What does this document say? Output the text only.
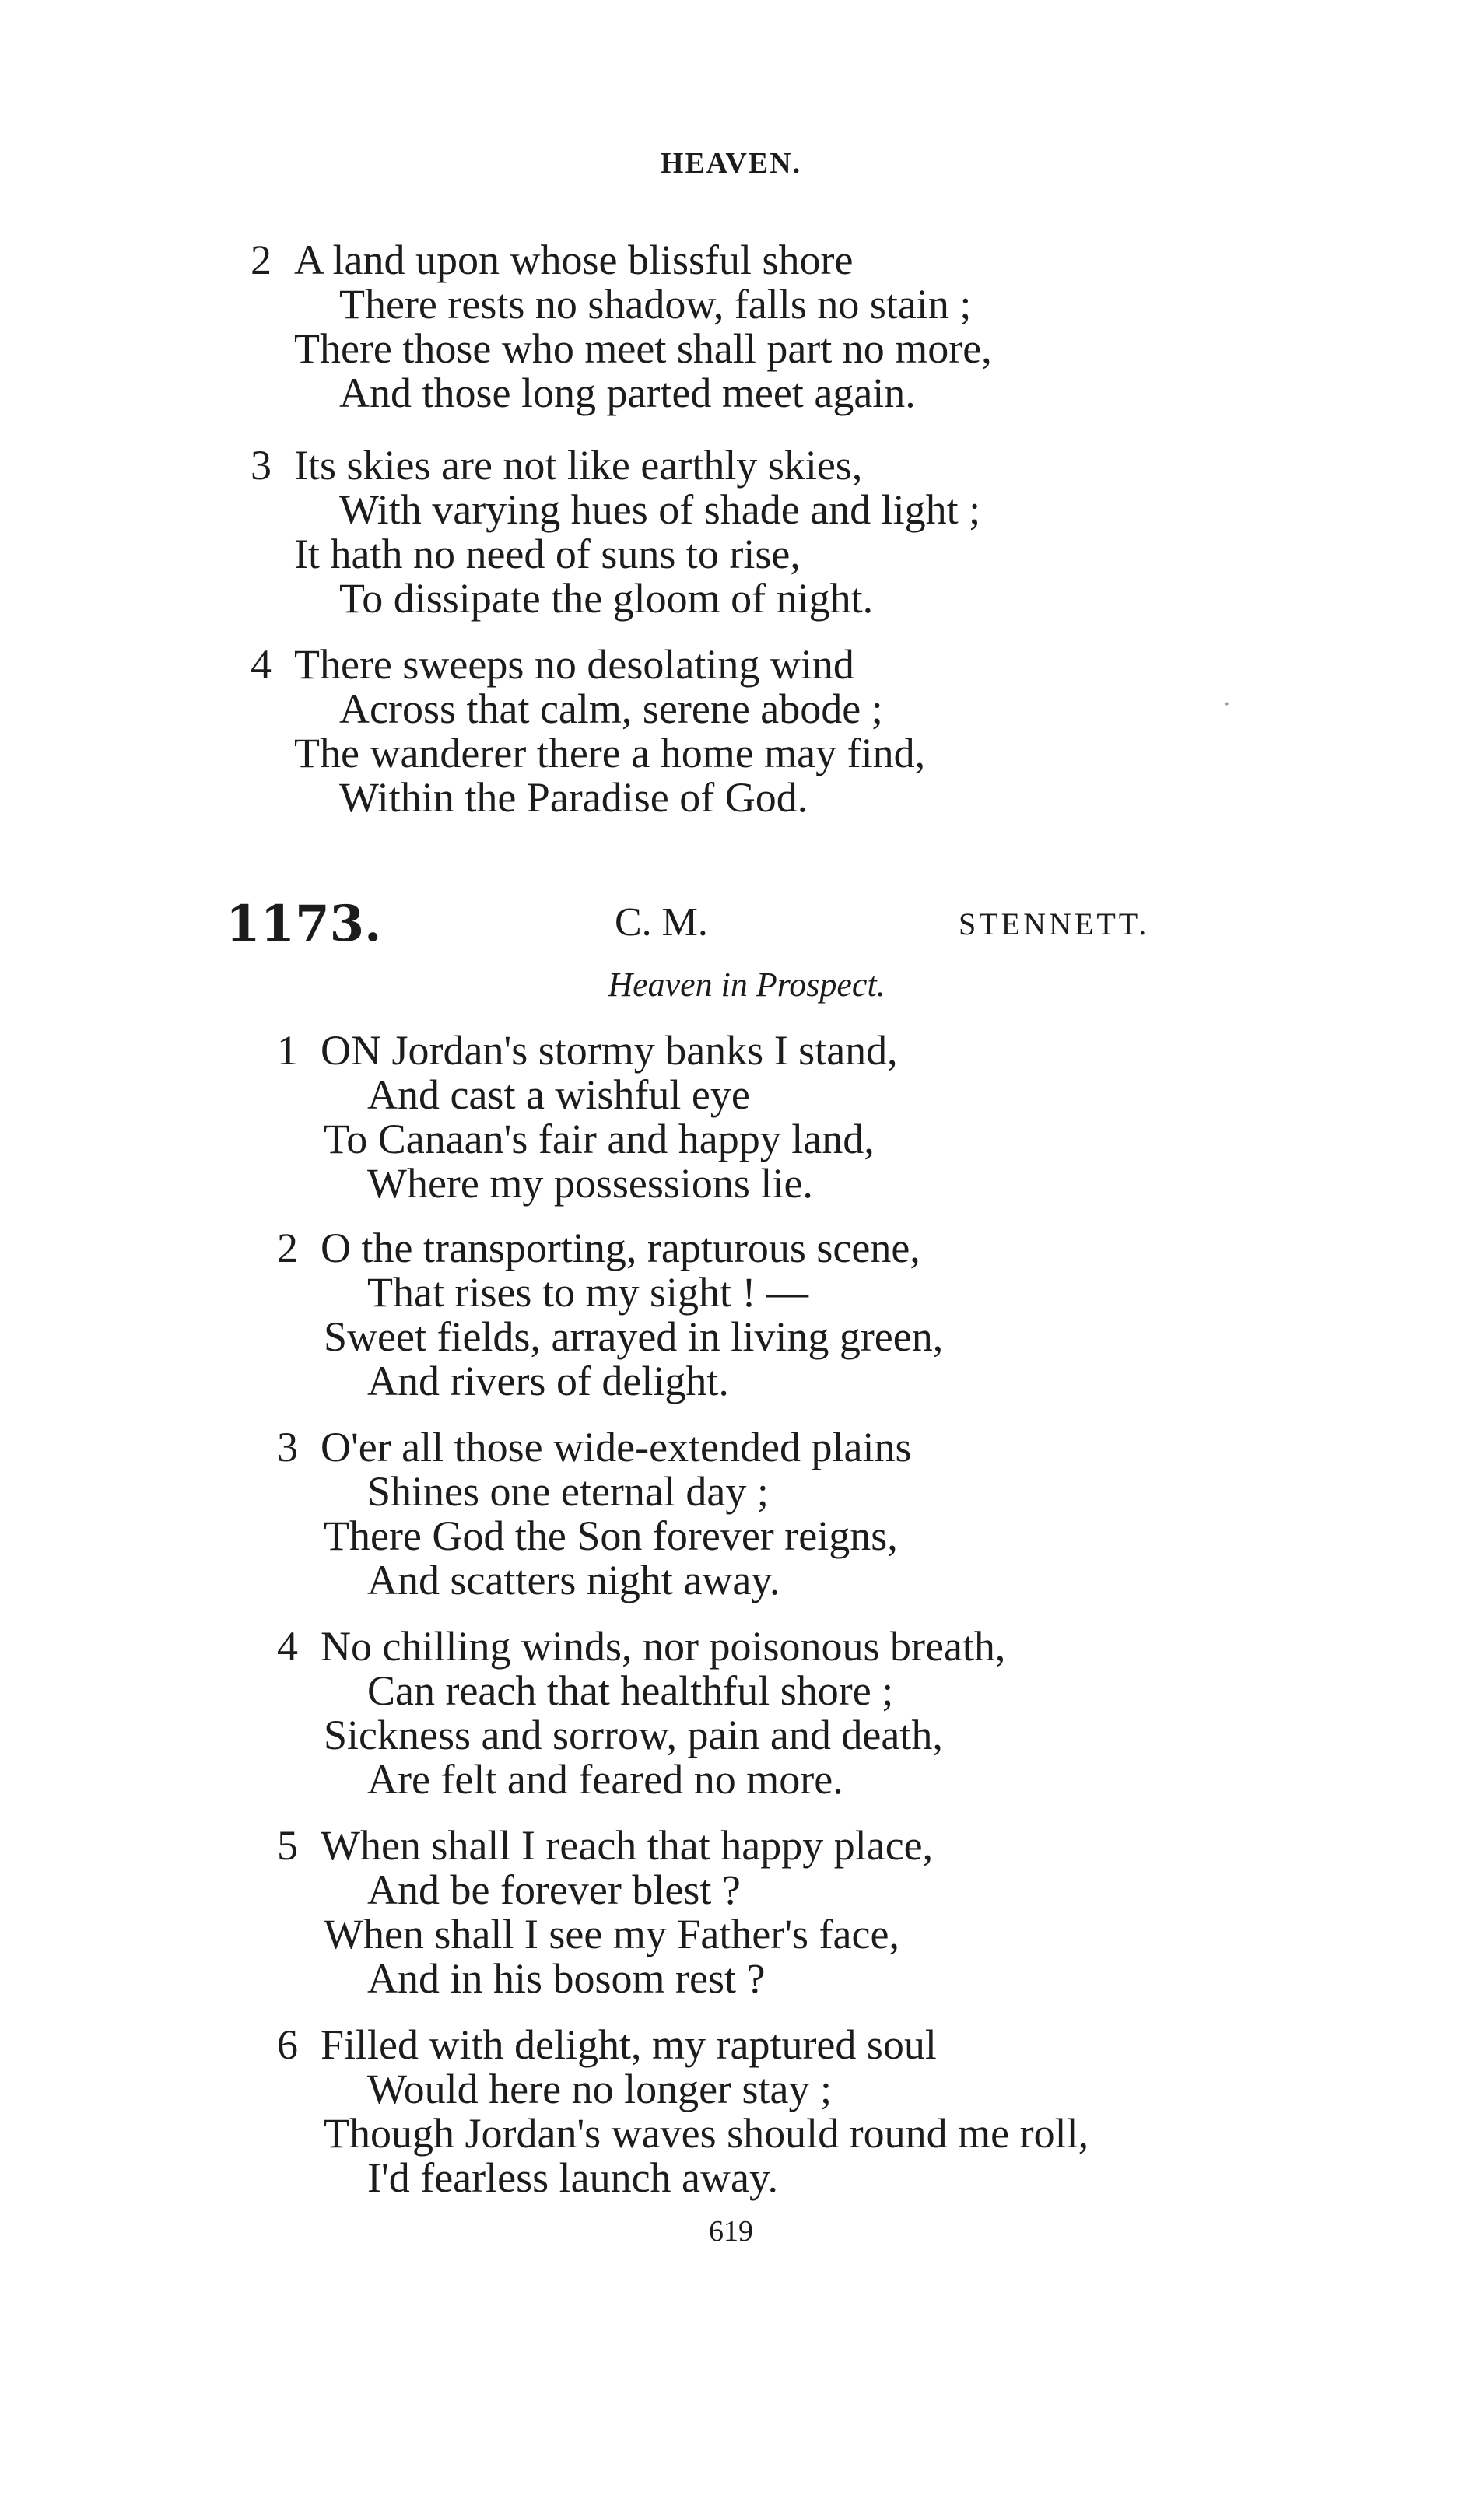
HEAVEN.
2 A land upon whose blissful shore
There rests no shadow, falls no stain ;
There those who meet shall part no more,
And those long parted meet again.
3 Its skies are not like earthly skies,
With varying hues of shade and light ;
It hath no need of suns to rise,
To dissipate the gloom of night.
4 There sweeps no desolating wind
Across that calm, serene abode ;
The wanderer there a home may find,
Within the Paradise of God.
·
1173.	C. M.	STENNETT.
Heaven in Prospect.
1 ON Jordan's stormy banks I stand,
And cast a wishful eye
To Canaan's fair and happy land,
Where my possessions lie.
2 O the transporting, rapturous scene,
That rises to my sight ! —
Sweet fields, arrayed in living green,
And rivers of delight.
3 O'er all those wide-extended plains
Shines one eternal day ;
There God the Son forever reigns,
And scatters night away.
4 No chilling winds, nor poisonous breath,
Can reach that healthful shore ;
Sickness and sorrow, pain and death,
Are felt and feared no more.
5 When shall I reach that happy place,
And be forever blest ?
When shall I see my Father's face,
And in his bosom rest ?
6 Filled with delight, my raptured soul
Would here no longer stay ;
Though Jordan's waves should round me roll,
I'd fearless launch away.
619
